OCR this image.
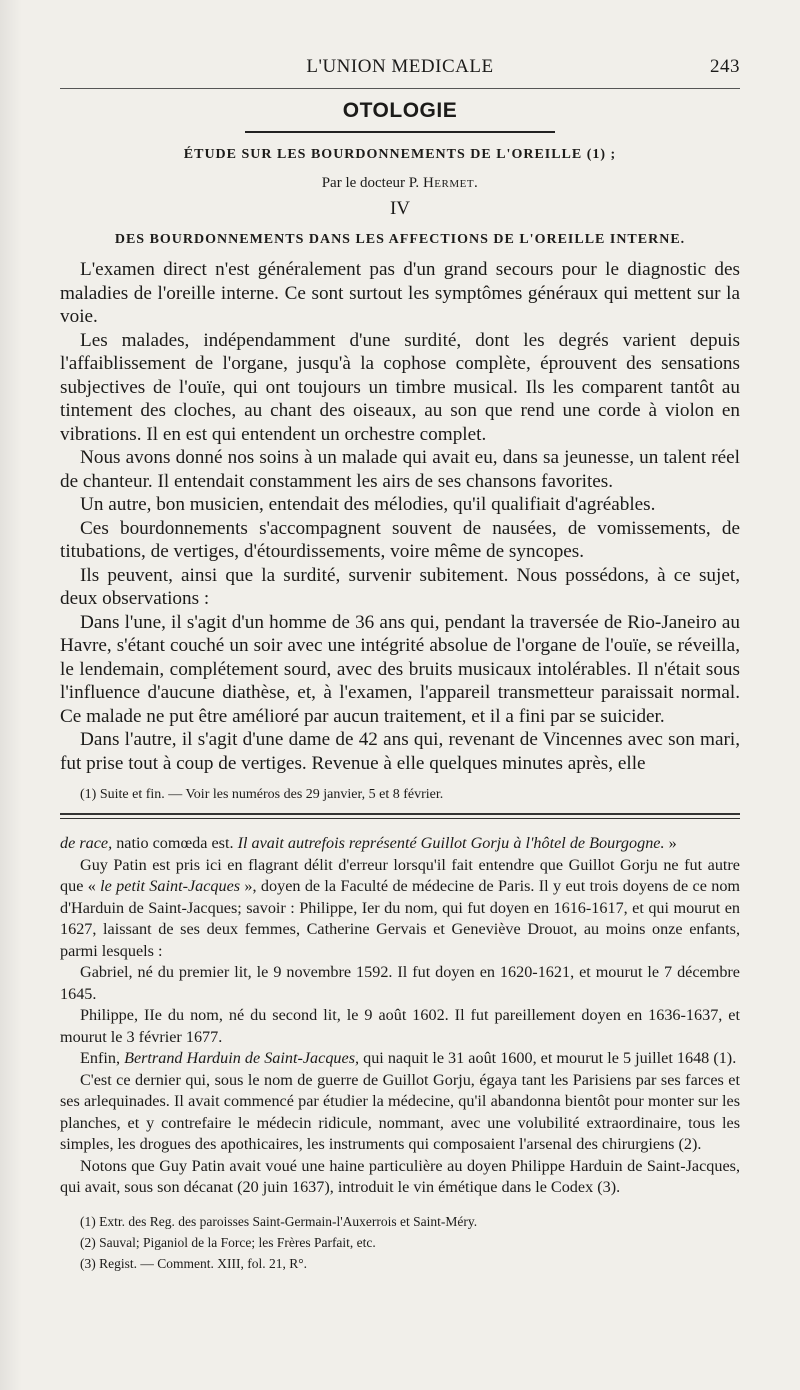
L'UNION MEDICALE	243
OTOLOGIE
ÉTUDE SUR LES BOURDONNEMENTS DE L'OREILLE (1) ;
Par le docteur P. Hermet.
IV
DES BOURDONNEMENTS DANS LES AFFECTIONS DE L'OREILLE INTERNE.

L'examen direct n'est généralement pas d'un grand secours pour le diagnostic des maladies de l'oreille interne. Ce sont surtout les symptômes généraux qui mettent sur la voie.

Les malades, indépendamment d'une surdité, dont les degrés varient depuis l'affaiblissement de l'organe, jusqu'à la cophose complète, éprouvent des sensations subjectives de l'ouïe, qui ont toujours un timbre musical. Ils les comparent tantôt au tintement des cloches, au chant des oiseaux, au son que rend une corde à violon en vibrations. Il en est qui entendent un orchestre complet.

Nous avons donné nos soins à un malade qui avait eu, dans sa jeunesse, un talent réel de chanteur. Il entendait constamment les airs de ses chansons favorites.

Un autre, bon musicien, entendait des mélodies, qu'il qualifiait d'agréables.

Ces bourdonnements s'accompagnent souvent de nausées, de vomissements, de titubations, de vertiges, d'étourdissements, voire même de syncopes.

Ils peuvent, ainsi que la surdité, survenir subitement. Nous possédons, à ce sujet, deux observations :

Dans l'une, il s'agit d'un homme de 36 ans qui, pendant la traversée de Rio-Janeiro au Havre, s'étant couché un soir avec une intégrité absolue de l'organe de l'ouïe, se réveilla, le lendemain, complétement sourd, avec des bruits musicaux intolérables. Il n'était sous l'influence d'aucune diathèse, et, à l'examen, l'appareil transmetteur paraissait normal. Ce malade ne put être amélioré par aucun traitement, et il a fini par se suicider.

Dans l'autre, il s'agit d'une dame de 42 ans qui, revenant de Vincennes avec son mari, fut prise tout à coup de vertiges. Revenue à elle quelques minutes après, elle

(1) Suite et fin. — Voir les numéros des 29 janvier, 5 et 8 février.

de race, natio comœda est. Il avait autrefois représenté Guillot Gorju à l'hôtel de Bourgogne. »

Guy Patin est pris ici en flagrant délit d'erreur lorsqu'il fait entendre que Guillot Gorju ne fut autre que « le petit Saint-Jacques », doyen de la Faculté de médecine de Paris. Il y eut trois doyens de ce nom d'Harduin de Saint-Jacques; savoir : Philippe, Ier du nom, qui fut doyen en 1616-1617, et qui mourut en 1627, laissant de ses deux femmes, Catherine Gervais et Geneviève Drouot, au moins onze enfants, parmi lesquels :

Gabriel, né du premier lit, le 9 novembre 1592. Il fut doyen en 1620-1621, et mourut le 7 décembre 1645.

Philippe, IIe du nom, né du second lit, le 9 août 1602. Il fut pareillement doyen en 1636-1637, et mourut le 3 février 1677.

Enfin, Bertrand Harduin de Saint-Jacques, qui naquit le 31 août 1600, et mourut le 5 juillet 1648 (1).

C'est ce dernier qui, sous le nom de guerre de Guillot Gorju, égaya tant les Parisiens par ses farces et ses arlequinades. Il avait commencé par étudier la médecine, qu'il abandonna bientôt pour monter sur les planches, et y contrefaire le médecin ridicule, nommant, avec une volubilité extraordinaire, tous les simples, les drogues des apothicaires, les instruments qui composaient l'arsenal des chirurgiens (2).

Notons que Guy Patin avait voué une haine particulière au doyen Philippe Harduin de Saint-Jacques, qui avait, sous son décanat (20 juin 1637), introduit le vin émétique dans le Codex (3).

(1) Extr. des Reg. des paroisses Saint-Germain-l'Auxerrois et Saint-Méry.
(2) Sauval; Piganiol de la Force; les Frères Parfait, etc.
(3) Regist. — Comment. XIII, fol. 21, R°.
